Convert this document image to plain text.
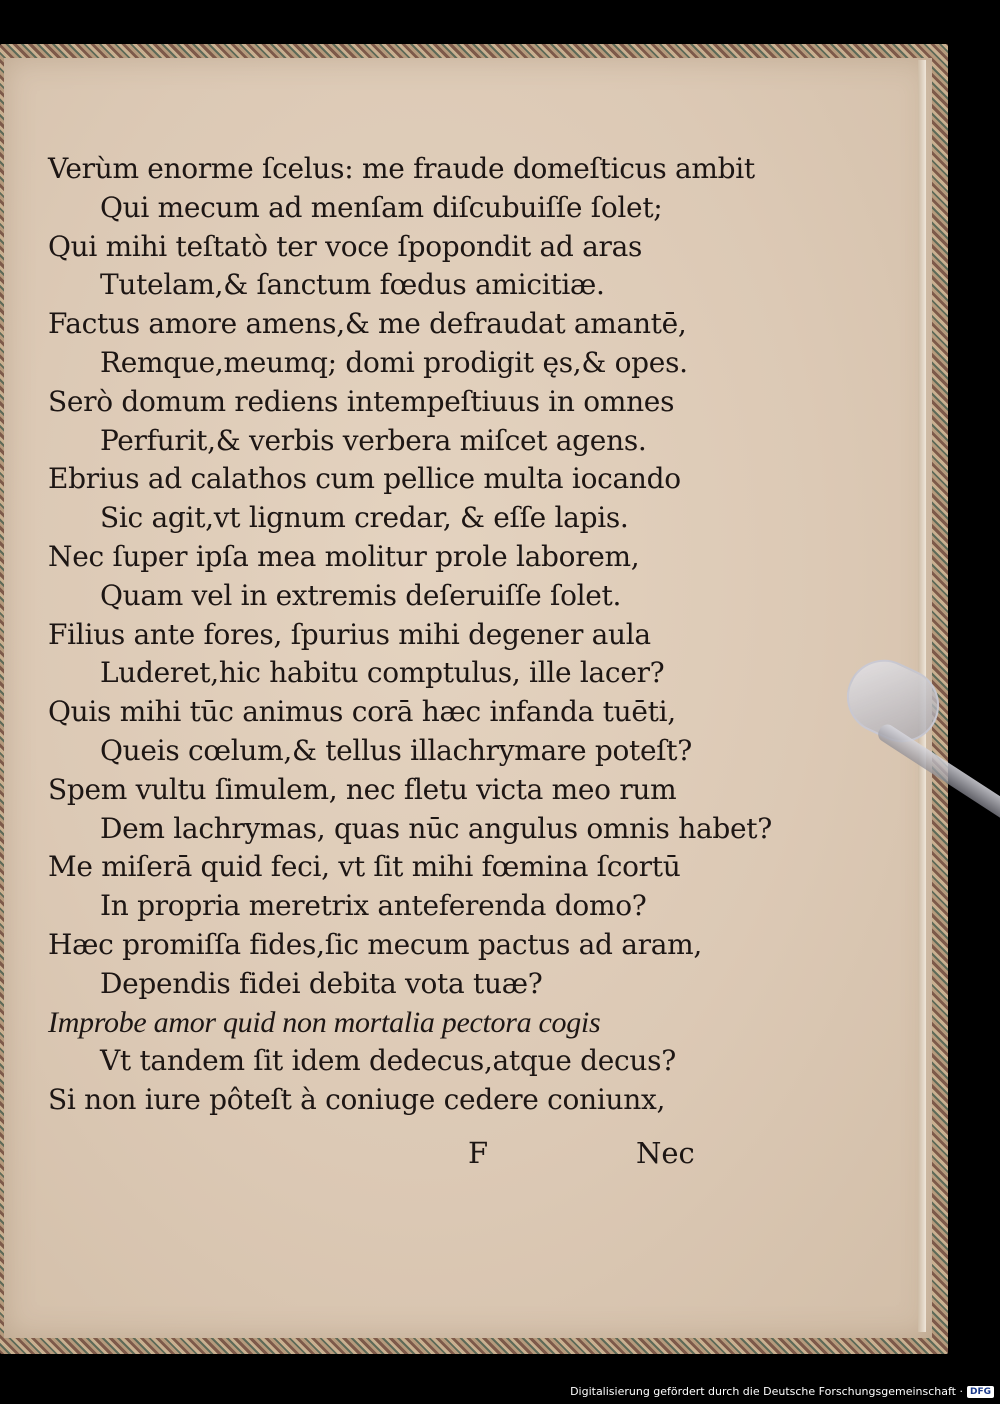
Verùm enorme ſcelus: me fraude domeſticus ambit

Qui mecum ad menſam diſcubuiſſe ſolet;

Qui mihi teſtatò ter voce ſpopondit ad aras

Tutelam,& ſanctum fœdus amicitiæ.

Factus amore amens,& me defraudat amantē,

Remque,meumq; domi prodigit ęs,& opes.

Serò domum rediens intempeſtiuus in omnes

Perfurit,& verbis verbera miſcet agens.

Ebrius ad calathos cum pellice multa iocando

Sic agit,vt lignum credar, & eſſe lapis.

Nec ſuper ipſa mea molitur prole laborem,

Quam vel in extremis deſeruiſſe ſolet.

Filius ante fores, ſpurius mihi degener aula

Luderet,hic habitu comptulus, ille lacer?

Quis mihi tūc animus corā hæc infanda tuēti,

Queis cœlum,& tellus illachrymare poteſt?

Spem vultu ſimulem, nec fletu victa meo rum

Dem lachrymas, quas nūc angulus omnis habet?

Me miſerā quid feci, vt ſit mihi fœmina ſcortū

In propria meretrix anteferenda domo?

Hæc promiſſa fides,ſic mecum pactus ad aram,

Dependis fidei debita vota tuæ?

Improbe amor quid non mortalia pectora cogis

Vt tandem ſit idem dedecus,atque decus?

Si non iure pôteſt à coniuge cedere coniunx,

F	Nec
Digitalisierung gefördert durch die Deutsche Forschungsgemeinschaft · DFG
